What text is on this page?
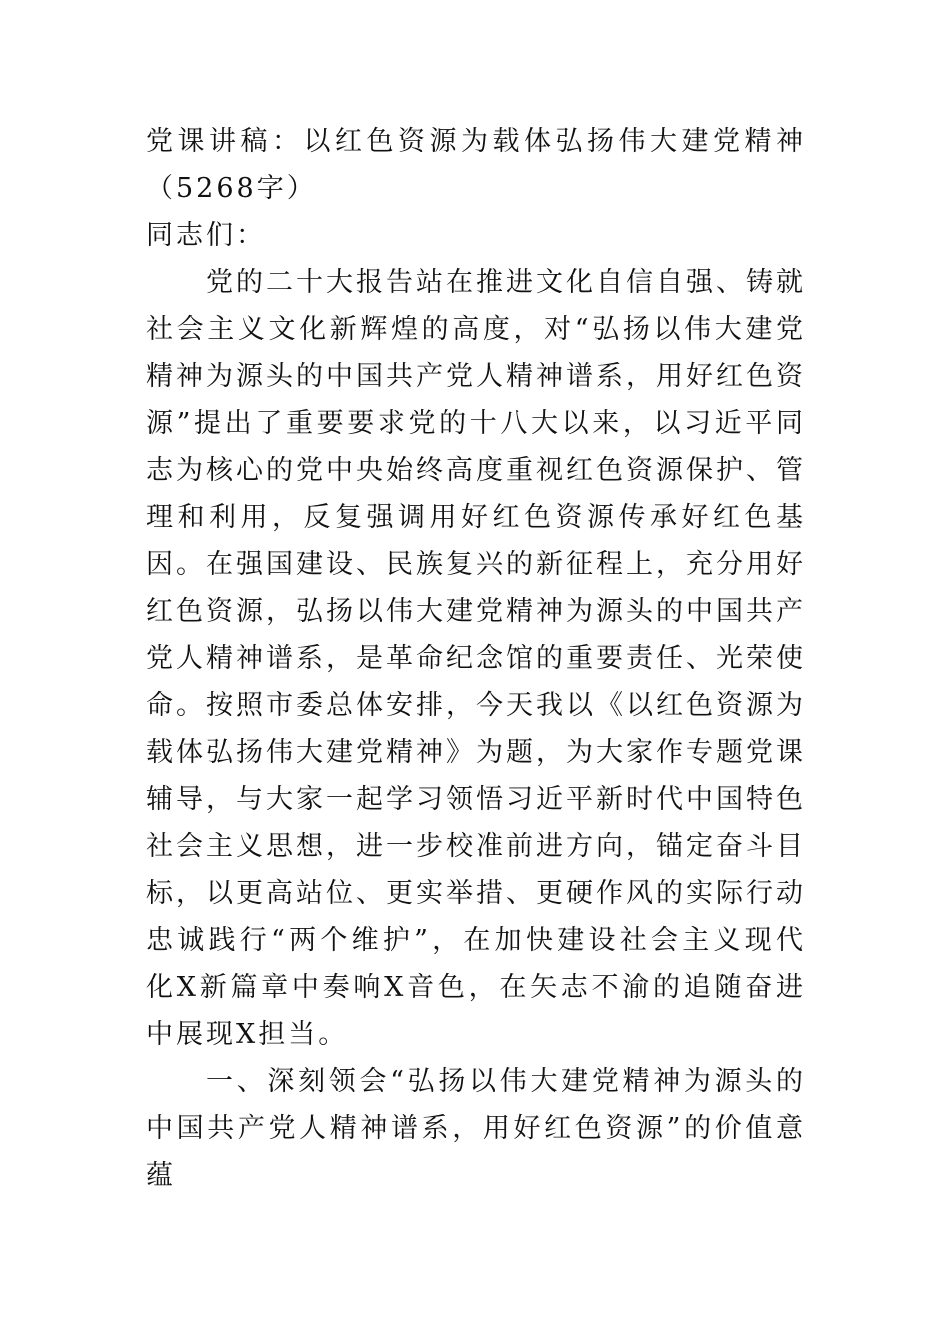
党课讲稿：以红色资源为载体弘扬伟大建党精神（5268字）

同志们：

党的二十大报告站在推进文化自信自强、铸就社会主义文化新辉煌的高度，对“弘扬以伟大建党精神为源头的中国共产党人精神谱系，用好红色资源”提出了重要要求党的十八大以来，以习近平同志为核心的党中央始终高度重视红色资源保护、管理和利用，反复强调用好红色资源传承好红色基因。在强国建设、民族复兴的新征程上，充分用好红色资源，弘扬以伟大建党精神为源头的中国共产党人精神谱系，是革命纪念馆的重要责任、光荣使命。按照市委总体安排，今天我以《以红色资源为载体弘扬伟大建党精神》为题，为大家作专题党课辅导，与大家一起学习领悟习近平新时代中国特色社会主义思想，进一步校准前进方向，锚定奋斗目标，以更高站位、更实举措、更硬作风的实际行动忠诚践行“两个维护”，在加快建设社会主义现代化X新篇章中奏响X音色，在矢志不渝的追随奋进中展现X担当。

一、深刻领会“弘扬以伟大建党精神为源头的中国共产党人精神谱系，用好红色资源”的价值意蕴
